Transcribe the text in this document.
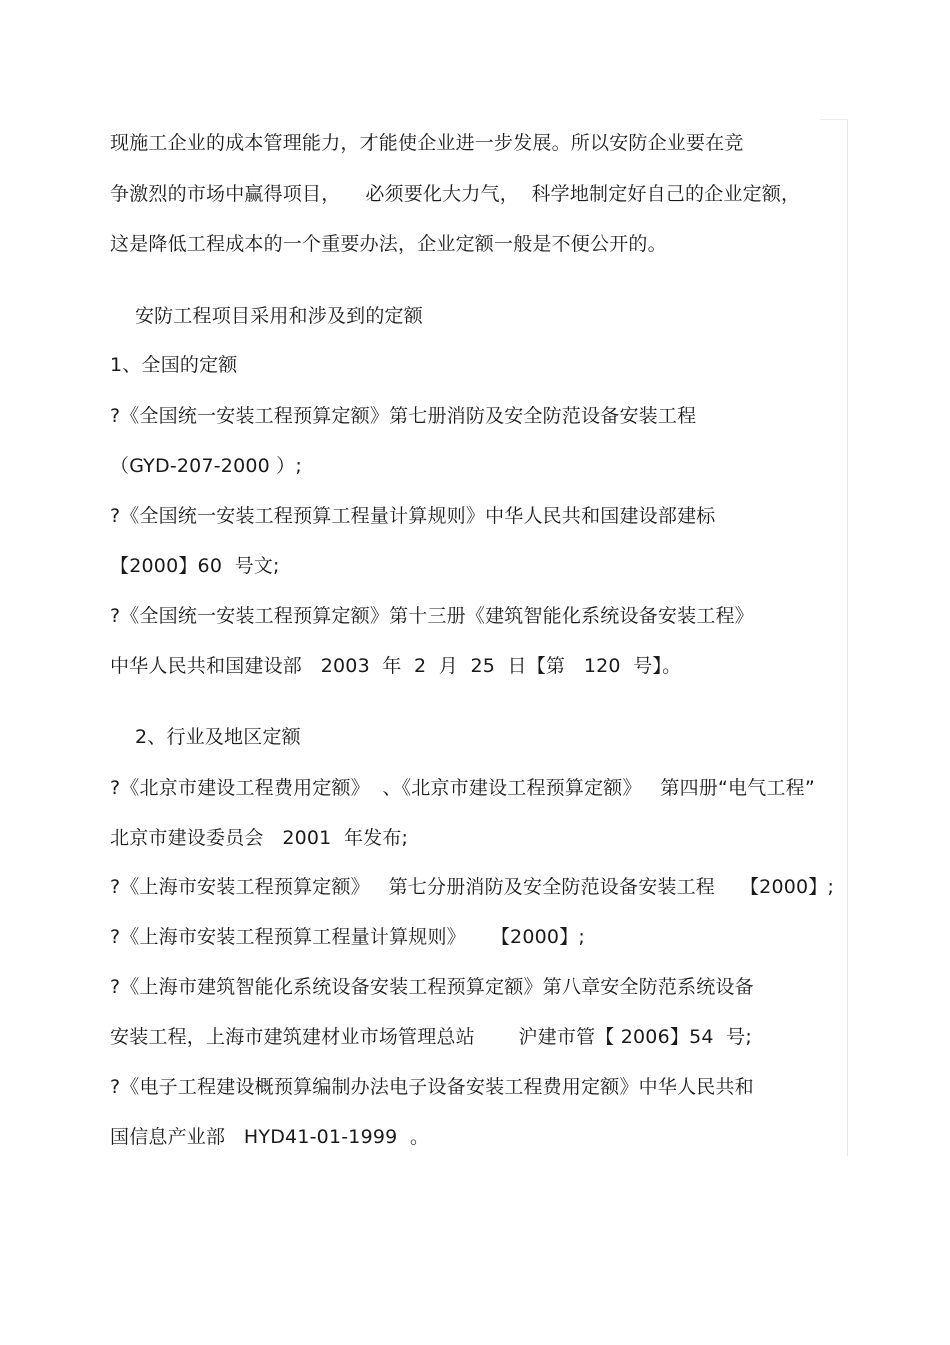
现施工企业的成本管理能力，才能使企业进一步发展。所以安防企业要在竞
争激烈的市场中赢得项目，    必须要化大力气，  科学地制定好自己的企业定额，
这是降低工程成本的一个重要办法，企业定额一般是不便公开的。
安防工程项目采用和涉及到的定额
1、全国的定额
?《全国统一安装工程预算定额》第七册消防及安全防范设备安装工程
（GYD-207-2000 ）;
?《全国统一安装工程预算工程量计算规则》中华人民共和国建设部建标
【2000】60  号文;
?《全国统一安装工程预算定额》第十三册《建筑智能化系统设备安装工程》
中华人民共和国建设部   2003  年  2  月  25  日【第   120  号】。
2、行业及地区定额
?《北京市建设工程费用定额》  、《北京市建设工程预算定额》   第四册“电气工程”
北京市建设委员会   2001  年发布;
?《上海市安装工程预算定额》   第七分册消防及安全防范设备安装工程    【2000】;
?《上海市安装工程预算工程量计算规则》    【2000】;
?《上海市建筑智能化系统设备安装工程预算定额》第八章安全防范系统设备
安装工程，上海市建筑建材业市场管理总站       沪建市管【 2006】54  号;
?《电子工程建设概预算编制办法电子设备安装工程费用定额》中华人民共和
国信息产业部   HYD41-01-1999  。
